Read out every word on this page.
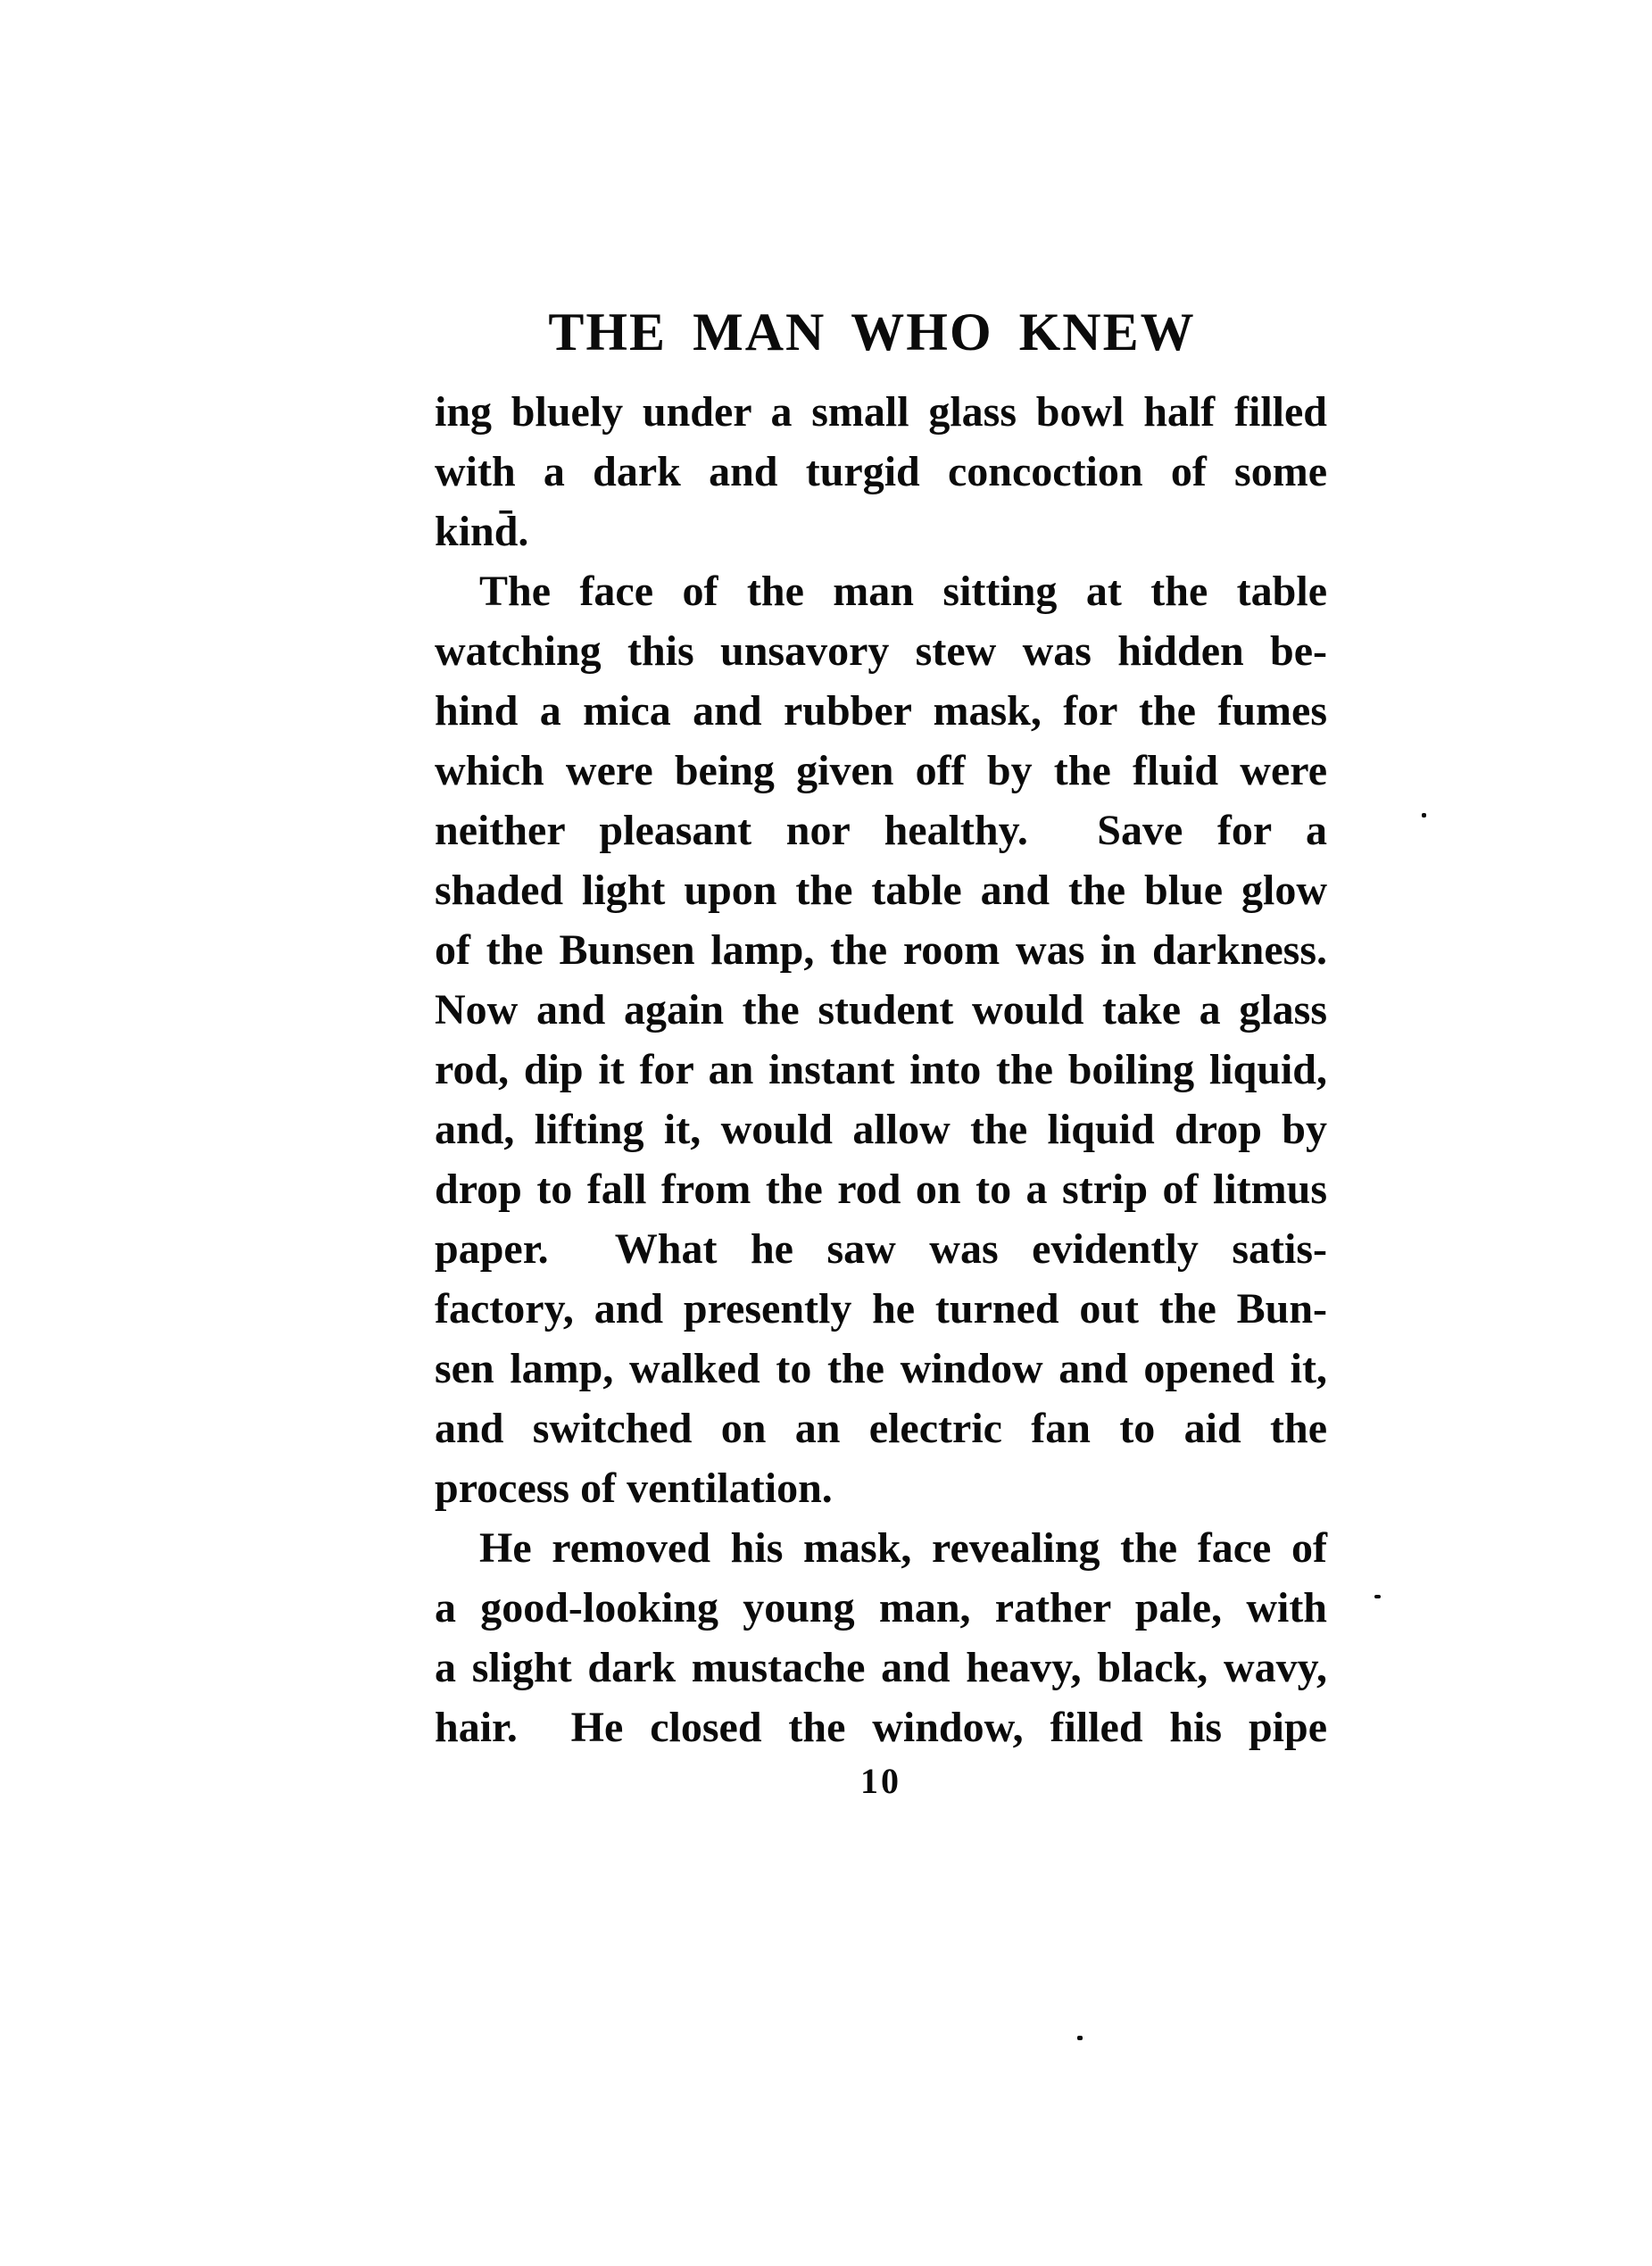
THE MAN WHO KNEW
ing bluely under a small glass bowl half filled
with a dark and turgid concoction of some
kind̄.
The face of the man sitting at the table
watching this unsavory stew was hidden be-
hind a mica and rubber mask, for the fumes
which were being given off by the fluid were
neither pleasant nor healthy.  Save for a
shaded light upon the table and the blue glow
of the Bunsen lamp, the room was in darkness.
Now and again the student would take a glass
rod, dip it for an instant into the boiling liquid,
and, lifting it, would allow the liquid drop by
drop to fall from the rod on to a strip of litmus
paper.  What he saw was evidently satis-
factory, and presently he turned out the Bun-
sen lamp, walked to the window and opened it,
and switched on an electric fan to aid the
process of ventilation.
He removed his mask, revealing the face of
a good-looking young man, rather pale, with
a slight dark mustache and heavy, black, wavy,
hair.  He closed the window, filled his pipe
10
